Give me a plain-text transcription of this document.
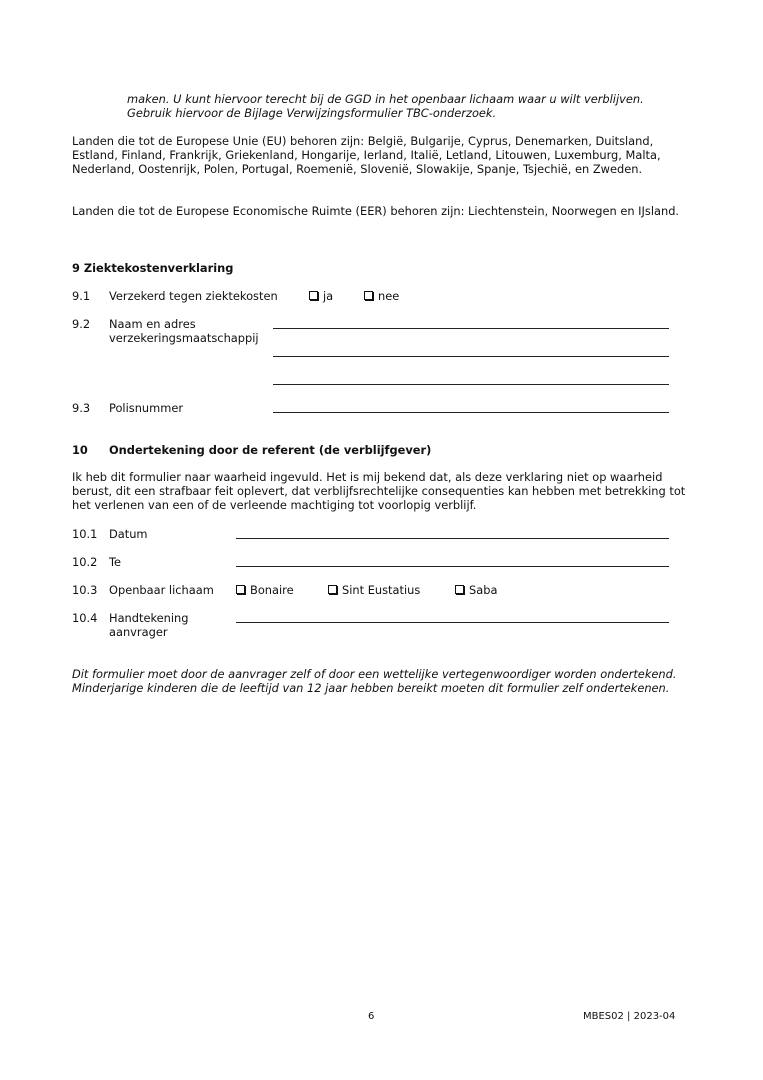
maken. U kunt hiervoor terecht bij de GGD in het openbaar lichaam waar u wilt verblijven.
Gebruik hiervoor de Bijlage Verwijzingsformulier TBC-onderzoek.

Landen die tot de Europese Unie (EU) behoren zijn: België, Bulgarije, Cyprus, Denemarken, Duitsland, Estland, Finland, Frankrijk, Griekenland, Hongarije, Ierland, Italië, Letland, Litouwen, Luxemburg, Malta, Nederland, Oostenrijk, Polen, Portugal, Roemenië, Slovenië, Slowakije, Spanje, Tsjechië, en Zweden.

Landen die tot de Europese Economische Ruimte (EER) behoren zijn: Liechtenstein, Noorwegen en IJsland.

9 Ziektekostenverklaring
9.1 Verzekerd tegen ziektekosten	ja	nee
9.2 Naam en adres
verzekeringsmaatschappij
9.3 Polisnummer
10 Ondertekening door de referent (de verblijfgever)

Ik heb dit formulier naar waarheid ingevuld. Het is mij bekend dat, als deze verklaring niet op waarheid berust, dit een strafbaar feit oplevert, dat verblijfsrechtelijke consequenties kan hebben met betrekking tot het verlenen van een of de verleende machtiging tot voorlopig verblijf.

10.1 Datum
10.2 Te
10.3 Openbaar lichaam	Bonaire	Sint Eustatius	Saba
10.4 Handtekening
aanvrager

Dit formulier moet door de aanvrager zelf of door een wettelijke vertegenwoordiger worden ondertekend. Minderjarige kinderen die de leeftijd van 12 jaar hebben bereikt moeten dit formulier zelf ondertekenen.

6	MBES02 | 2023-04
